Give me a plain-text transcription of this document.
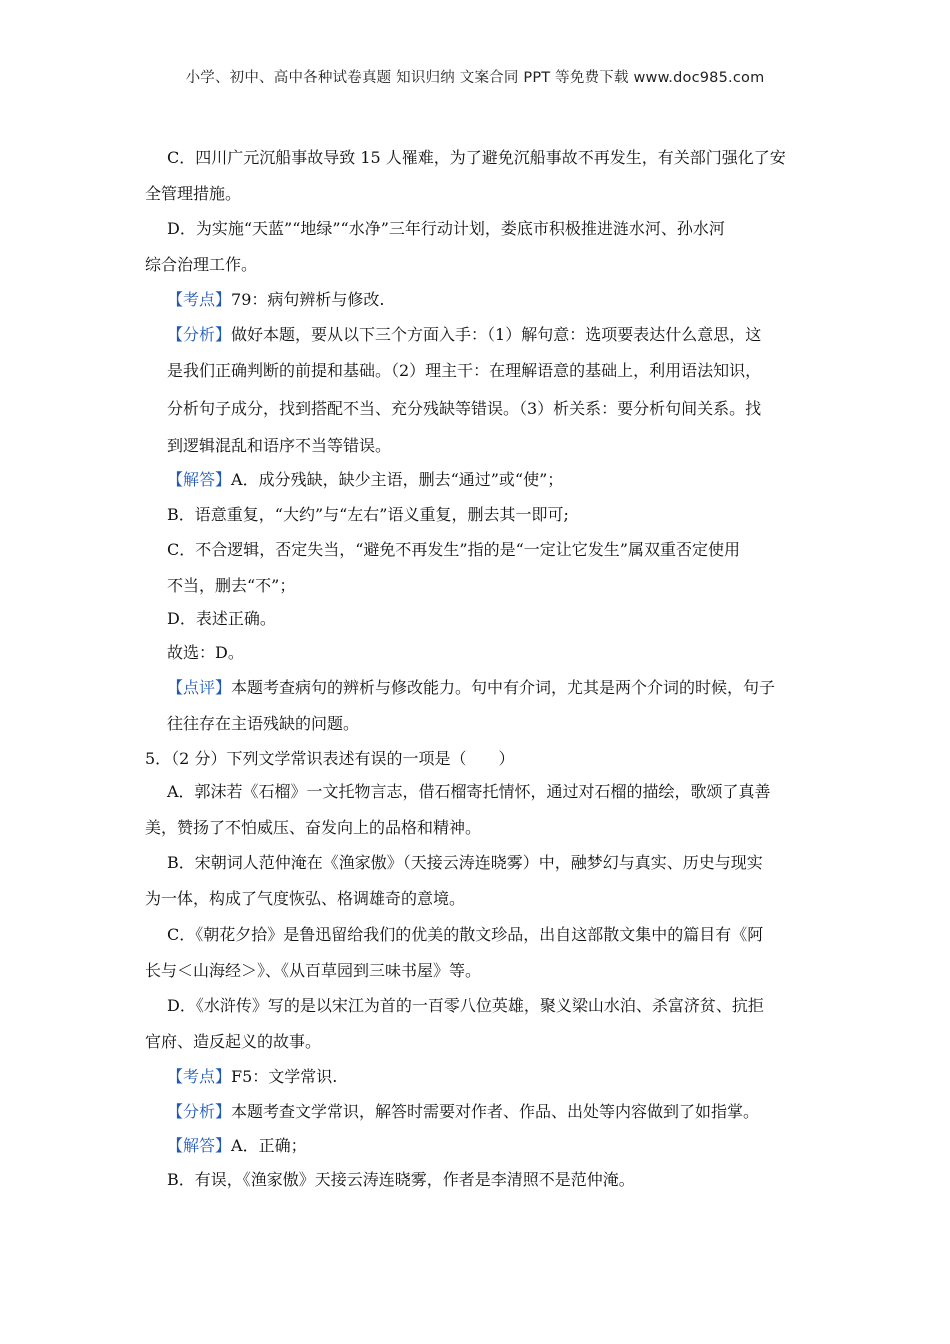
小学、初中、高中各种试卷真题 知识归纳 文案合同 PPT 等免费下载 www.doc985.com
C．四川广元沉船事故导致 15 人罹难，为了避免沉船事故不再发生，有关部门强化了安
全管理措施。
D．为实施“天蓝”“地绿”“水净”三年行动计划，娄底市积极推进涟水河、孙水河
综合治理工作。
【考点】79：病句辨析与修改.
【分析】做好本题，要从以下三个方面入手：（1）解句意：选项要表达什么意思，这
是我们正确判断的前提和基础。（2）理主干：在理解语意的基础上，利用语法知识，
分析句子成分，找到搭配不当、充分残缺等错误。（3）析关系：要分析句间关系。找
到逻辑混乱和语序不当等错误。
【解答】A．成分残缺，缺少主语，删去“通过”或“使”；
B．语意重复，“大约”与“左右”语义重复，删去其一即可;
C．不合逻辑，否定失当，“避免不再发生”指的是“一定让它发生”属双重否定使用
不当，删去“不”；
D．表述正确。
故选：D。
【点评】本题考查病句的辨析与修改能力。句中有介词，尤其是两个介词的时候，句子
往往存在主语残缺的问题。
5．（2 分）下列文学常识表述有误的一项是（　　）
A．郭沫若《石榴》一文托物言志，借石榴寄托情怀，通过对石榴的描绘，歌颂了真善
美，赞扬了不怕威压、奋发向上的品格和精神。
B．宋朝词人范仲淹在《渔家傲》（天接云涛连晓雾）中，融梦幻与真实、历史与现实
为一体，构成了气度恢弘、格调雄奇的意境。
C．《朝花夕拾》是鲁迅留给我们的优美的散文珍品，出自这部散文集中的篇目有《阿
长与＜山海经＞》、《从百草园到三味书屋》等。
D．《水浒传》写的是以宋江为首的一百零八位英雄，聚义梁山水泊、杀富济贫、抗拒
官府、造反起义的故事。
【考点】F5：文学常识.
【分析】本题考查文学常识，解答时需要对作者、作品、出处等内容做到了如指掌。
【解答】A．正确；
B．有误，《渔家傲》天接云涛连晓雾，作者是李清照不是范仲淹。
